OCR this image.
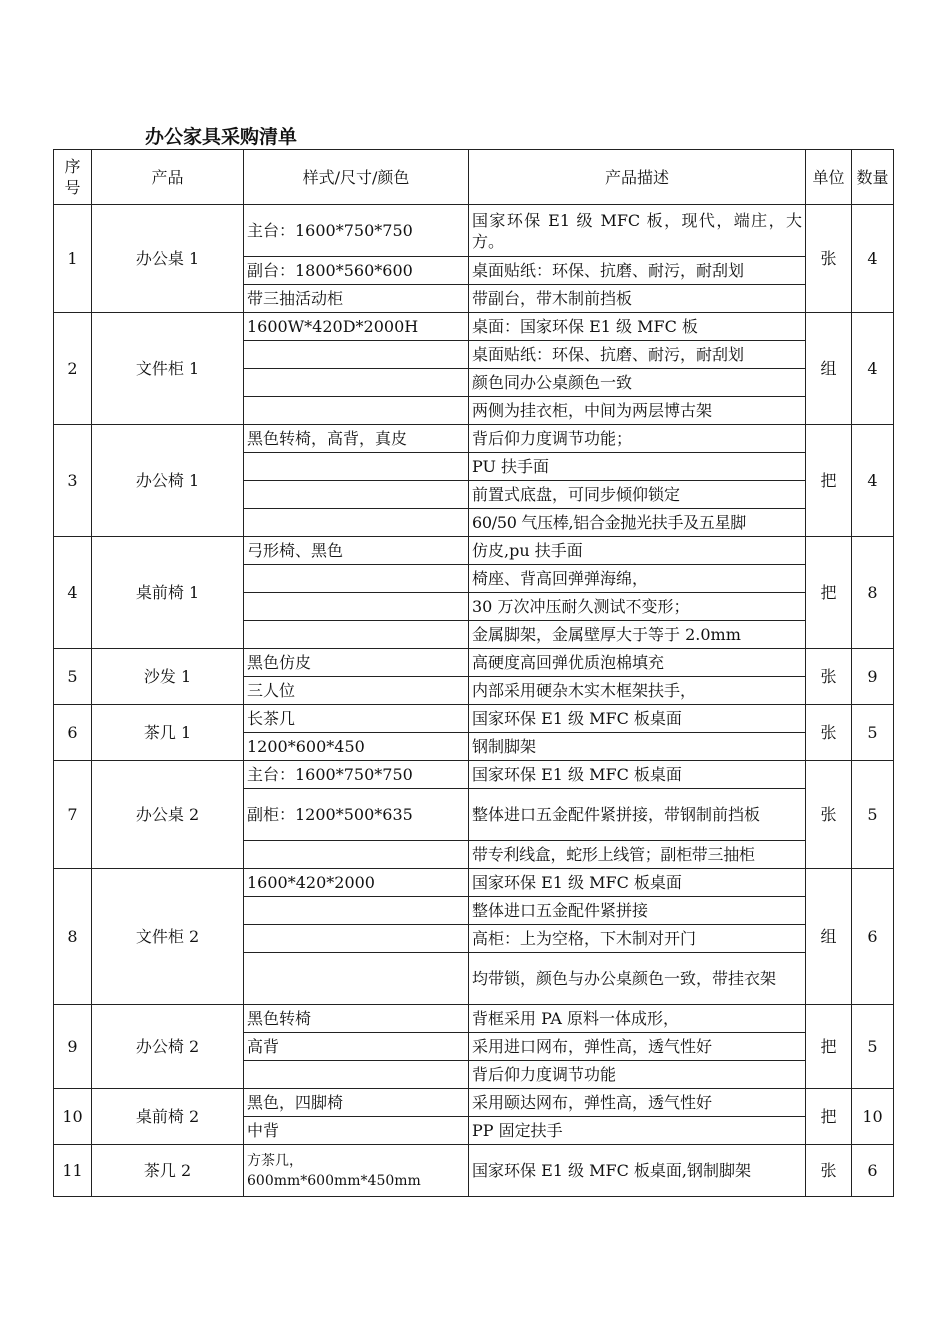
办公家具采购清单
序号	产品	样式/尺寸/颜色	产品描述	单位	数量
1	办公桌 1	主台：1600*750*750	国家环保 E1 级 MFC 板，现代，端庄，大方。	张	4
		副台：1800*560*600	桌面贴纸：环保、抗磨、耐污，耐刮划		
		带三抽活动柜	带副台，带木制前挡板		
2	文件柜 1	1600W*420D*2000H	桌面：国家环保 E1 级 MFC 板	组	4
			桌面贴纸：环保、抗磨、耐污，耐刮划		
			颜色同办公桌颜色一致		
			两侧为挂衣柜，中间为两层博古架		
3	办公椅 1	黑色转椅，高背，真皮	背后仰力度调节功能；	把	4
			PU 扶手面		
			前置式底盘，可同步倾仰锁定		
			60/50 气压棒,铝合金抛光扶手及五星脚		
4	桌前椅 1	弓形椅、黑色	仿皮,pu 扶手面	把	8
			椅座、背高回弹弹海绵，		
			30 万次冲压耐久测试不变形；		
			金属脚架，金属壁厚大于等于 2.0mm		
5	沙发 1	黑色仿皮	高硬度高回弹优质泡棉填充	张	9
		三人位	内部采用硬杂木实木框架扶手，		
6	茶几 1	长茶几	国家环保 E1 级 MFC 板桌面	张	5
		1200*600*450	钢制脚架		
7	办公桌 2	主台：1600*750*750	国家环保 E1 级 MFC 板桌面	张	5
		副柜：1200*500*635	整体进口五金配件紧拼接，带钢制前挡板		
			带专利线盒，蛇形上线管；副柜带三抽柜		
8	文件柜 2	1600*420*2000	国家环保 E1 级 MFC 板桌面	组	6
			整体进口五金配件紧拼接		
			高柜：上为空格，下木制对开门		
			均带锁，颜色与办公桌颜色一致，带挂衣架		
9	办公椅 2	黑色转椅	背框采用 PA 原料一体成形，	把	5
		高背	采用进口网布，弹性高，透气性好		
			背后仰力度调节功能		
10	桌前椅 2	黑色，四脚椅	采用颐达网布，弹性高，透气性好	把	10
		中背	PP 固定扶手		
11	茶几 2	方茶几，600mm*600mm*450mm	国家环保 E1 级 MFC 板桌面,钢制脚架	张	6
